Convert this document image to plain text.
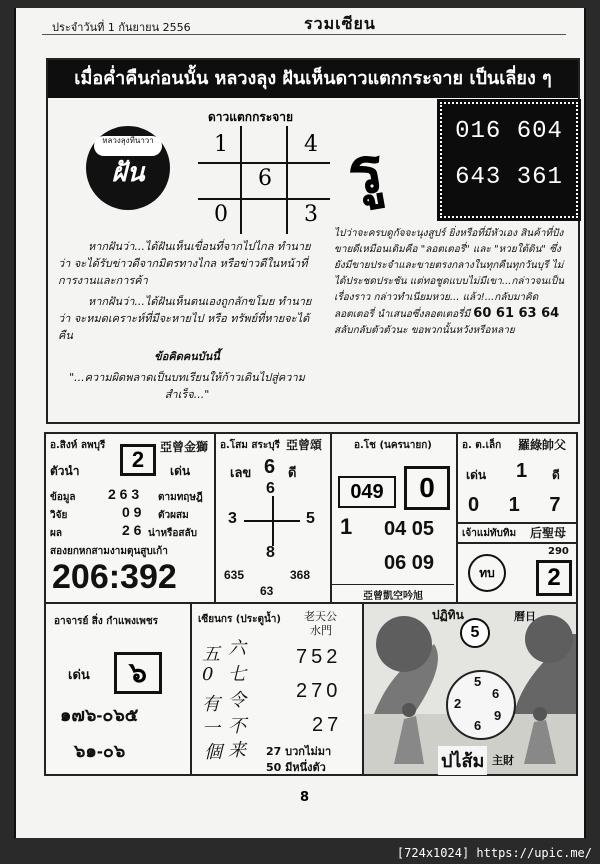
ประจำวันที่ 1 กันยายน 2556	รวมเซียน
เมื่อค่ำคืนก่อนนั้น หลวงลุง ฝันเห็นดาวแตกกระจาย เป็นเลี่ยง ๆ
หลวงลุงที่นาวา
ฝัน
ดาวแตกกระจาย
1	4
6
0	3
รู
016 604
643 361

หากฝันว่า...ได้ฝันเห็นเขื่อนที่จากไปไกล ทำนายว่า จะได้รับข่าวดีจากมิตรทางไกล หรือข่าวดีในหน้าที่การงานและการค้า

หากฝันว่า...ได้ฝันเห็นตนเองถูกลักขโมย ทำนายว่า จะหมดเคราะห์ที่มีจะหายไป หรือ ทรัพย์ที่หายจะได้คืน

ข้อคิดคนบันนี้

"...ความผิดพลาดเป็นบทเรียนให้ก้าวเดินไปสู่ความสำเร็จ..."

ไปว่าจะครบดูกัจจะนุงสูปร์ ยิ่งหรือที่มีหัวเอง สินค้าที่ปังขายดีเหมือนเดิมคือ "ลอตเตอรี่" และ "หวยใต้ดิน" ซึ่งยังมีขายประจำและขายตรงกลางในทุกคืนทุกวันบุรี ไม่ได้ประชดประชัน แต่ทอชูดแบบไม่มีเขา...กล่าวจนเป็นเรื่องราว กล่าวทำเนียมหวย... แล้ว!...กลับมาคิดลอตเตอรี่ นำเสนอซึ่งลอตเตอรี่มี 60 61 63 64 สลับกลับตัวตัวนะ ขอพวกนั้นหวังหรือหลาย
อ.สิงห์ ลพบุรี
2	亞曾金獅
ตัวนำ	เด่น
ข้อมูล 2 6 3 ตามทฤษฎี
วิจัย	0 9 ตัวผสม
ผล	2 6 น่าหรือสลับ
สองยกหกสามงามตุนสูบเก้า
206:392
อ.โสม สระบุรี 亞曾頌
เลข 6 ดี
6
3	5
8
635	368
63
อ.โช (นครนายก)
049	0
1 04 05
06 09
亞曾凱空吟旭
อ. ต.เล็ก 羅綠帥父
เด่น 1 ดี
0 1 7
เจ้าแม่ทับทิม 后聖母
ทบ
290
2
อาจารย์ สิ่ง กำแพงเพชร
เด่น	๖
๑๗๖-๐๖๕
๖๑-๐๖
เซียนกร (ประตูน้ำ) 老天公
水門
五 六
0 七
有 令
一 不
個 来
752
270
27
27 บวกไม่มา
50 มีหนึ่งตัว
ปฏิทิน	曆日
5
5
6
2
9
6
ปไส้ม 主財
8
[724x1024] https://upic.me/
